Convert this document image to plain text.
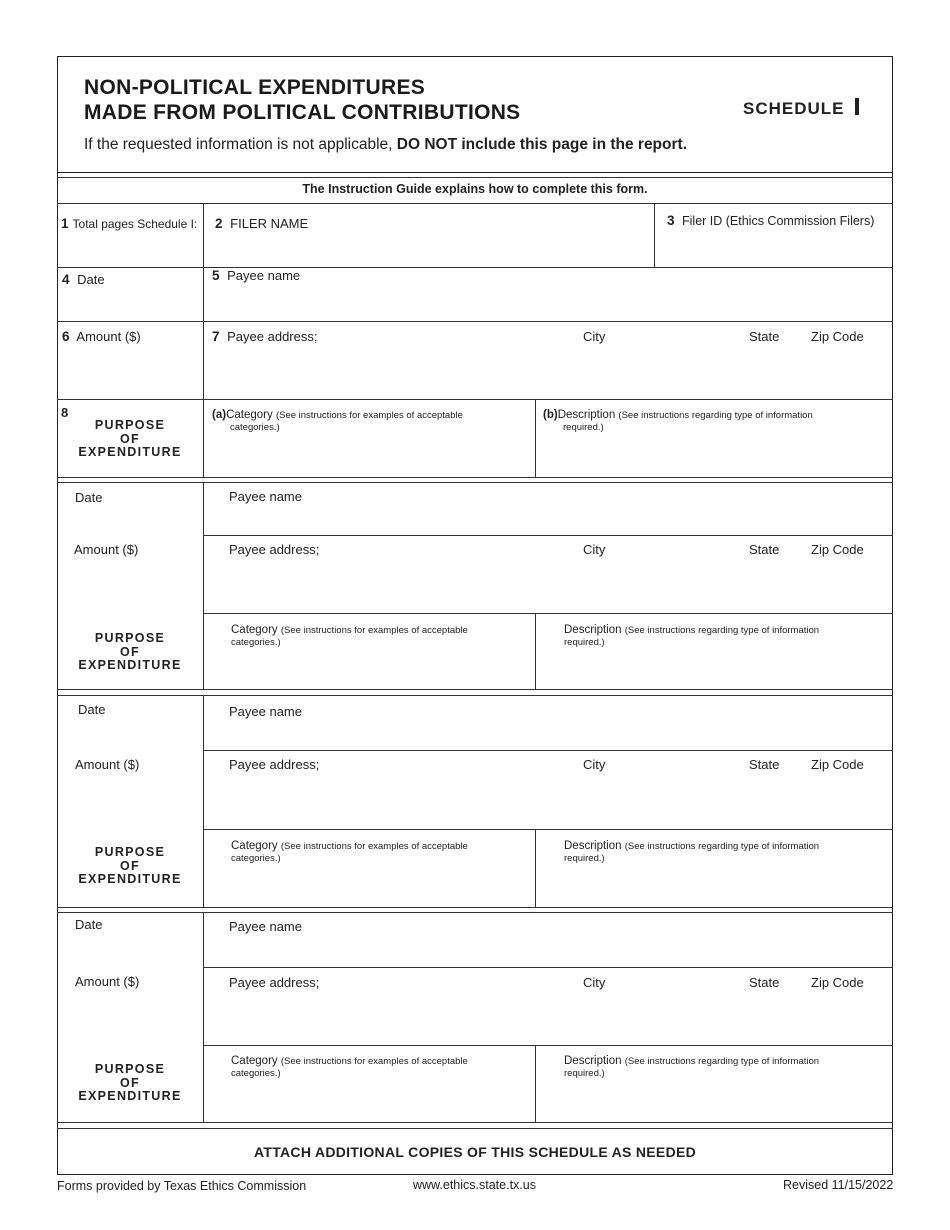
NON-POLITICAL EXPENDITURES
MADE FROM POLITICAL CONTRIBUTIONS	SCHEDULE
If the requested information is not applicable, DO NOT include this page in the report.
The Instruction Guide explains how to complete this form.
1 Total pages Schedule I: 2 FILER NAME	3 Filer ID (Ethics Commission Filers)
4 Date	5 Payee name
6 Amount ($)	7 Payee address;	City	State Zip Code
8
PURPOSE
OF
EXPENDITURE
(a)Category (See instructions for examples of acceptable
categories.)
(b)Description (See instructions regarding type of information
required.)
Date	Payee name
Amount ($)	Payee address;	City	State Zip Code
PURPOSE
OF
EXPENDITURE
Category (See instructions for examples of acceptable
categories.)
Description (See instructions regarding type of information
required.)
Date	Payee name
Amount ($)	Payee address;	City	State Zip Code
PURPOSE
OF
EXPENDITURE
Category (See instructions for examples of acceptable
categories.)
Description (See instructions regarding type of information
required.)
Date	Payee name
Amount ($)	Payee address;	City	State Zip Code
PURPOSE
OF
EXPENDITURE
Category (See instructions for examples of acceptable
categories.)
Description (See instructions regarding type of information
required.)
ATTACH ADDITIONAL COPIES OF THIS SCHEDULE AS NEEDED
Forms provided by Texas Ethics Commission	www.ethics.state.tx.us	Revised 11/15/2022
